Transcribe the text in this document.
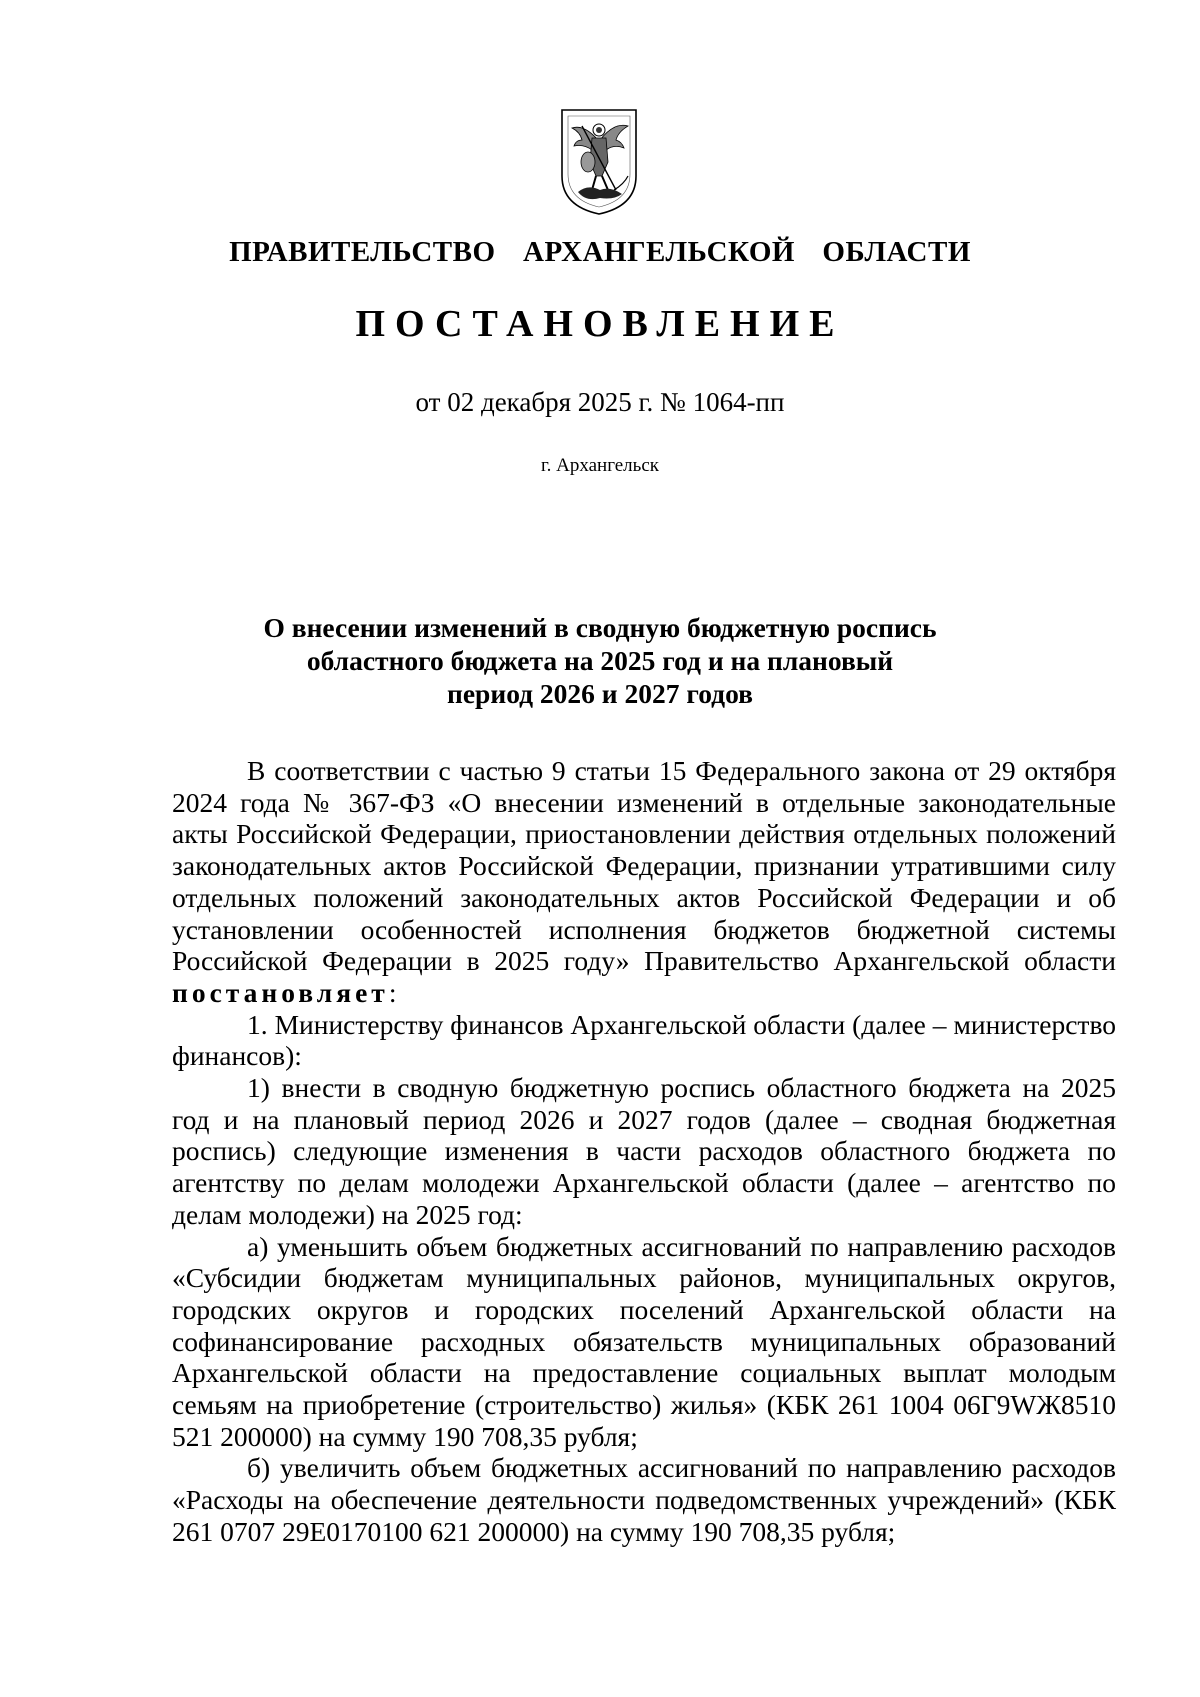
ПРАВИТЕЛЬСТВО  АРХАНГЕЛЬСКОЙ  ОБЛАСТИ
ПОСТАНОВЛЕНИЕ
от 02 декабря 2025 г. № 1064-пп
г. Архангельск
О внесении изменений в сводную бюджетную роспись
областного бюджета на 2025 год и на плановый
период 2026 и 2027 годов

В соответствии с частью 9 статьи 15 Федерального закона от 29 октября 2024 года № 367-ФЗ «О внесении изменений в отдельные законодательные акты Российской Федерации, приостановлении действия отдельных положений законодательных актов Российской Федерации, признании утратившими силу отдельных положений законодательных актов Российской Федерации и об установлении особенностей исполнения бюджетов бюджетной системы Российской Федерации в 2025 году» Правительство Архангельской области постановляет:

1. Министерству финансов Архангельской области (далее – министерство финансов):

1) внести в сводную бюджетную роспись областного бюджета на 2025 год и на плановый период 2026 и 2027 годов (далее – сводная бюджетная роспись) следующие изменения в части расходов областного бюджета по агентству по делам молодежи Архангельской области (далее – агентство по делам молодежи) на 2025 год:

а) уменьшить объем бюджетных ассигнований по направлению расходов «Субсидии бюджетам муниципальных районов, муниципальных округов, городских округов и городских поселений Архангельской области на софинансирование расходных обязательств муниципальных образований Архангельской области на предоставление социальных выплат молодым семьям на приобретение (строительство) жилья» (КБК 261 1004 06Г9WЖ8510 521 200000) на сумму 190 708,35 рубля;

б) увеличить объем бюджетных ассигнований по направлению расходов «Расходы на обеспечение деятельности подведомственных учреждений» (КБК 261 0707 29Е0170100 621 200000) на сумму 190 708,35 рубля;
